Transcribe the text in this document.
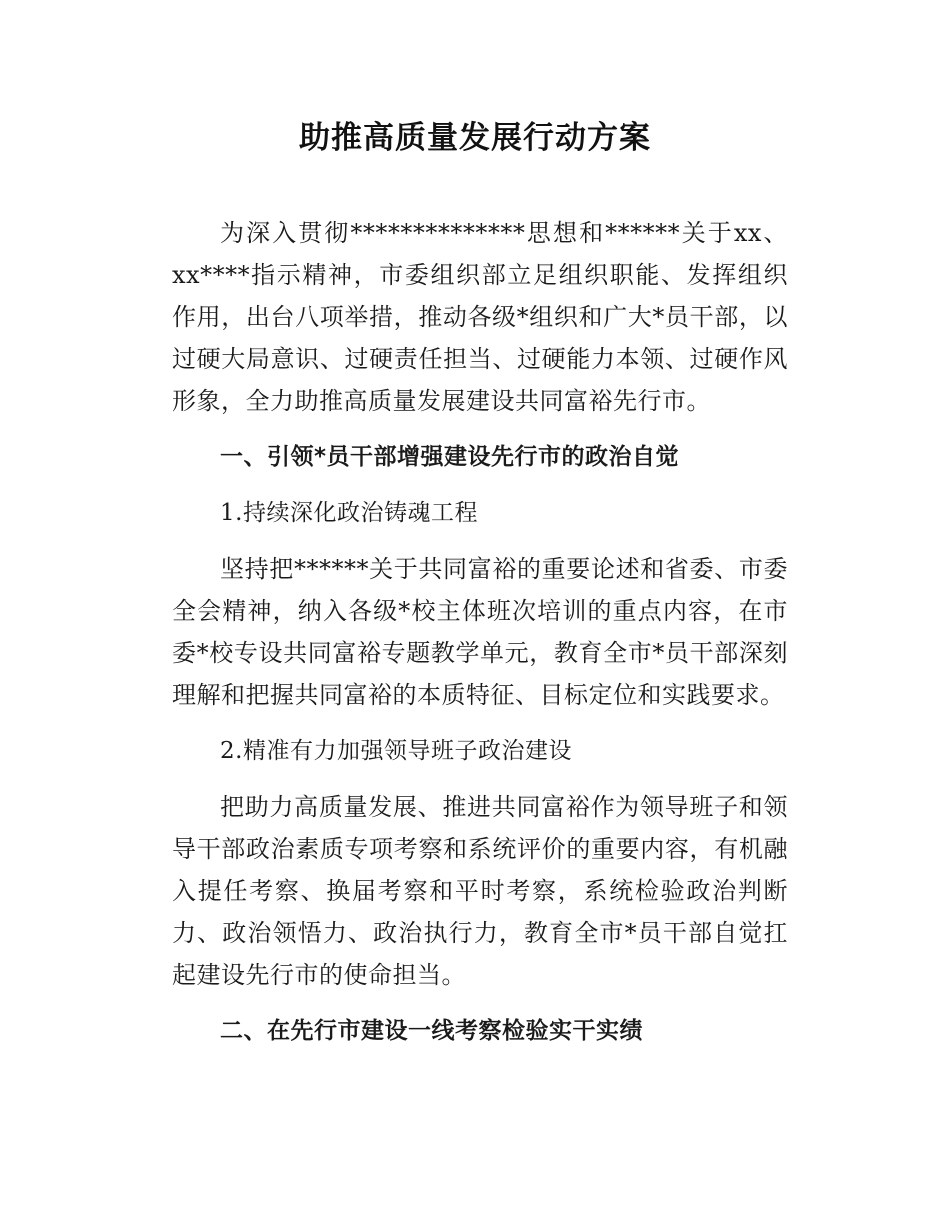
助推高质量发展行动方案

为深入贯彻**************思想和******关于xx、xx****指示精神，市委组织部立足组织职能、发挥组织作用，出台八项举措，推动各级*组织和广大*员干部，以过硬大局意识、过硬责任担当、过硬能力本领、过硬作风形象，全力助推高质量发展建设共同富裕先行市。

一、引领*员干部增强建设先行市的政治自觉

1.持续深化政治铸魂工程

坚持把******关于共同富裕的重要论述和省委、市委全会精神，纳入各级*校主体班次培训的重点内容，在市委*校专设共同富裕专题教学单元，教育全市*员干部深刻理解和把握共同富裕的本质特征、目标定位和实践要求。

2.精准有力加强领导班子政治建设

把助力高质量发展、推进共同富裕作为领导班子和领导干部政治素质专项考察和系统评价的重要内容，有机融入提任考察、换届考察和平时考察，系统检验政治判断力、政治领悟力、政治执行力，教育全市*员干部自觉扛起建设先行市的使命担当。

二、在先行市建设一线考察检验实干实绩
